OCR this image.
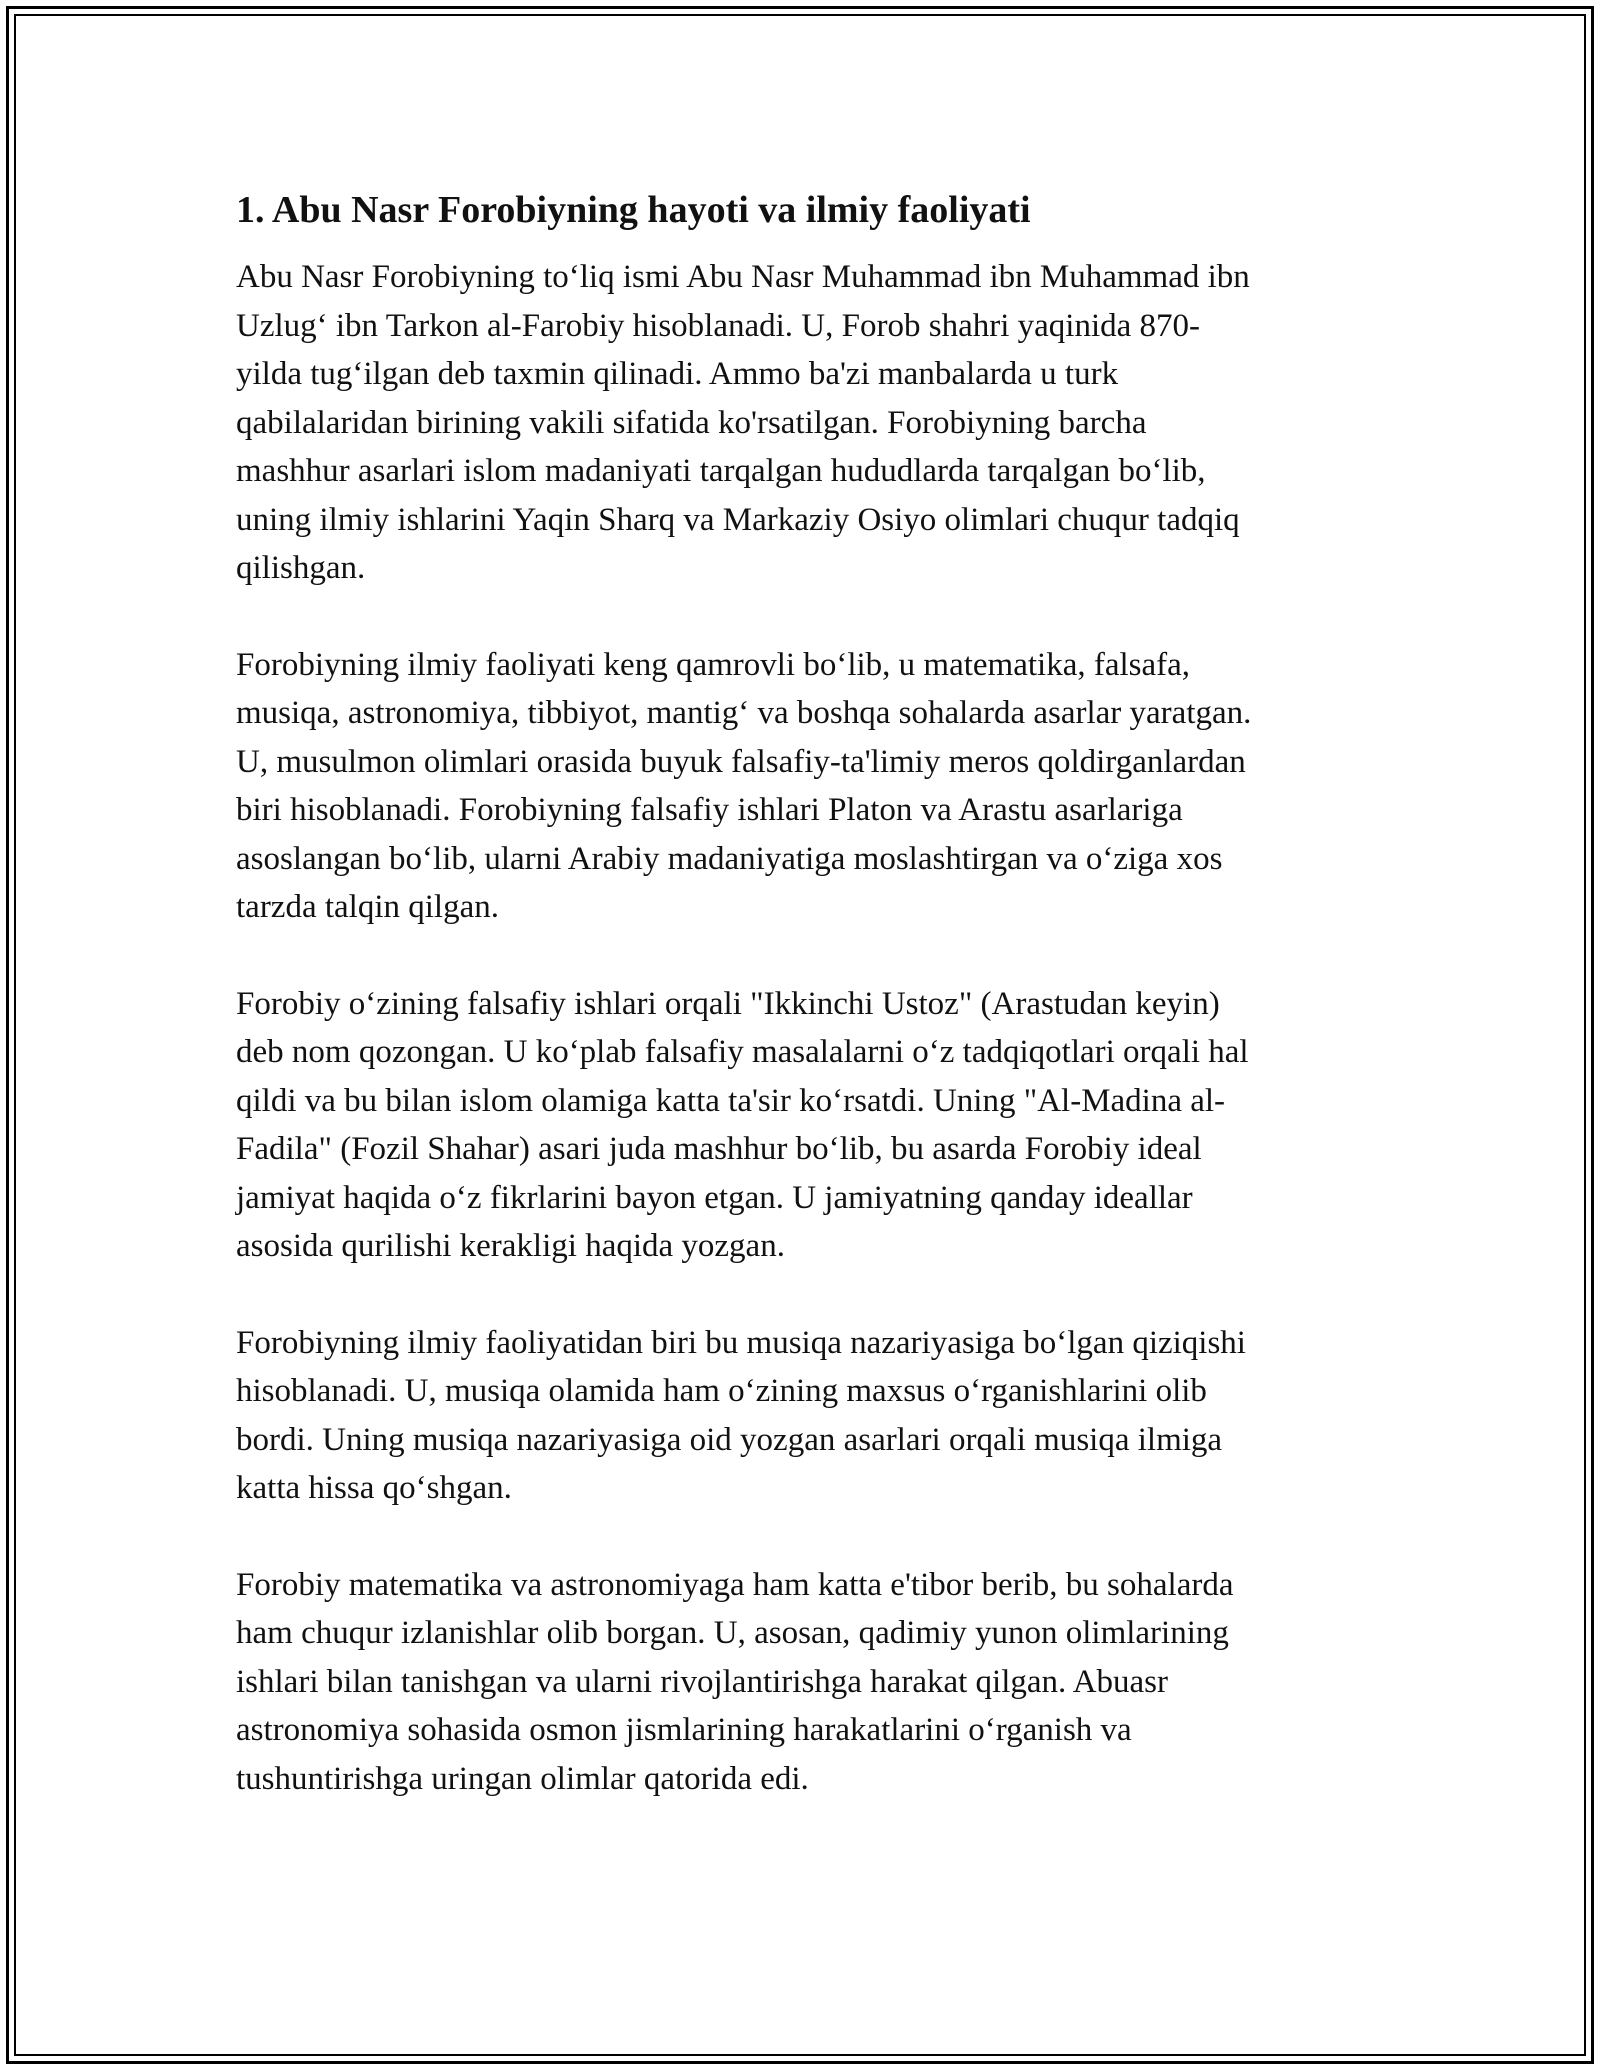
1. Abu Nasr Forobiyning hayoti va ilmiy faoliyati

Abu Nasr Forobiyning toʻliq ismi Abu Nasr Muhammad ibn Muhammad ibn
Uzlugʻ ibn Tarkon al-Farobiy hisoblanadi. U, Forob shahri yaqinida 870-
yilda tugʻilgan deb taxmin qilinadi. Ammo ba'zi manbalarda u turk
qabilalaridan birining vakili sifatida ko'rsatilgan. Forobiyning barcha
mashhur asarlari islom madaniyati tarqalgan hududlarda tarqalgan boʻlib,
uning ilmiy ishlarini Yaqin Sharq va Markaziy Osiyo olimlari chuqur tadqiq
qilishgan.

Forobiyning ilmiy faoliyati keng qamrovli boʻlib, u matematika, falsafa,
musiqa, astronomiya, tibbiyot, mantigʻ va boshqa sohalarda asarlar yaratgan.
U, musulmon olimlari orasida buyuk falsafiy-ta'limiy meros qoldirganlardan
biri hisoblanadi. Forobiyning falsafiy ishlari Platon va Arastu asarlariga
asoslangan boʻlib, ularni Arabiy madaniyatiga moslashtirgan va oʻziga xos
tarzda talqin qilgan.

Forobiy oʻzining falsafiy ishlari orqali "Ikkinchi Ustoz" (Arastudan keyin)
deb nom qozongan. U koʻplab falsafiy masalalarni oʻz tadqiqotlari orqali hal
qildi va bu bilan islom olamiga katta ta'sir koʻrsatdi. Uning "Al-Madina al-
Fadila" (Fozil Shahar) asari juda mashhur boʻlib, bu asarda Forobiy ideal
jamiyat haqida oʻz fikrlarini bayon etgan. U jamiyatning qanday ideallar
asosida qurilishi kerakligi haqida yozgan.

Forobiyning ilmiy faoliyatidan biri bu musiqa nazariyasiga boʻlgan qiziqishi
hisoblanadi. U, musiqa olamida ham oʻzining maxsus oʻrganishlarini olib
bordi. Uning musiqa nazariyasiga oid yozgan asarlari orqali musiqa ilmiga
katta hissa qoʻshgan.

Forobiy matematika va astronomiyaga ham katta e'tibor berib, bu sohalarda
ham chuqur izlanishlar olib borgan. U, asosan, qadimiy yunon olimlarining
ishlari bilan tanishgan va ularni rivojlantirishga harakat qilgan. Abuasr
astronomiya sohasida osmon jismlarining harakatlarini oʻrganish va
tushuntirishga uringan olimlar qatorida edi.
